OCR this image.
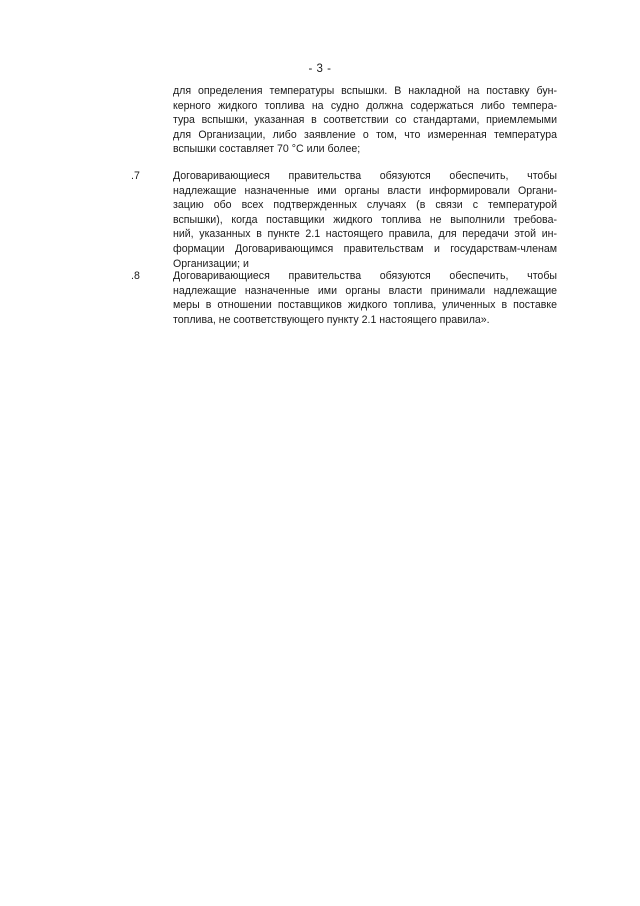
- 3 -
для определения температуры вспышки. В накладной на поставку бун-
керного жидкого топлива на судно должна содержаться либо темпера-
тура вспышки, указанная в соответствии со стандартами, приемлемыми
для Организации, либо заявление о том, что измеренная температура
вспышки составляет 70 °C или более;
.7	Договаривающиеся правительства обязуются обеспечить, чтобы
надлежащие назначенные ими органы власти информировали Органи-
зацию обо всех подтвержденных случаях (в связи с температурой
вспышки), когда поставщики жидкого топлива не выполнили требова-
ний, указанных в пункте 2.1 настоящего правила, для передачи этой ин-
формации Договаривающимся правительствам и государствам-членам
Организации; и
.8	Договаривающиеся правительства обязуются обеспечить, чтобы
надлежащие назначенные ими органы власти принимали надлежащие
меры в отношении поставщиков жидкого топлива, уличенных в поставке
топлива, не соответствующего пункту 2.1 настоящего правила».
